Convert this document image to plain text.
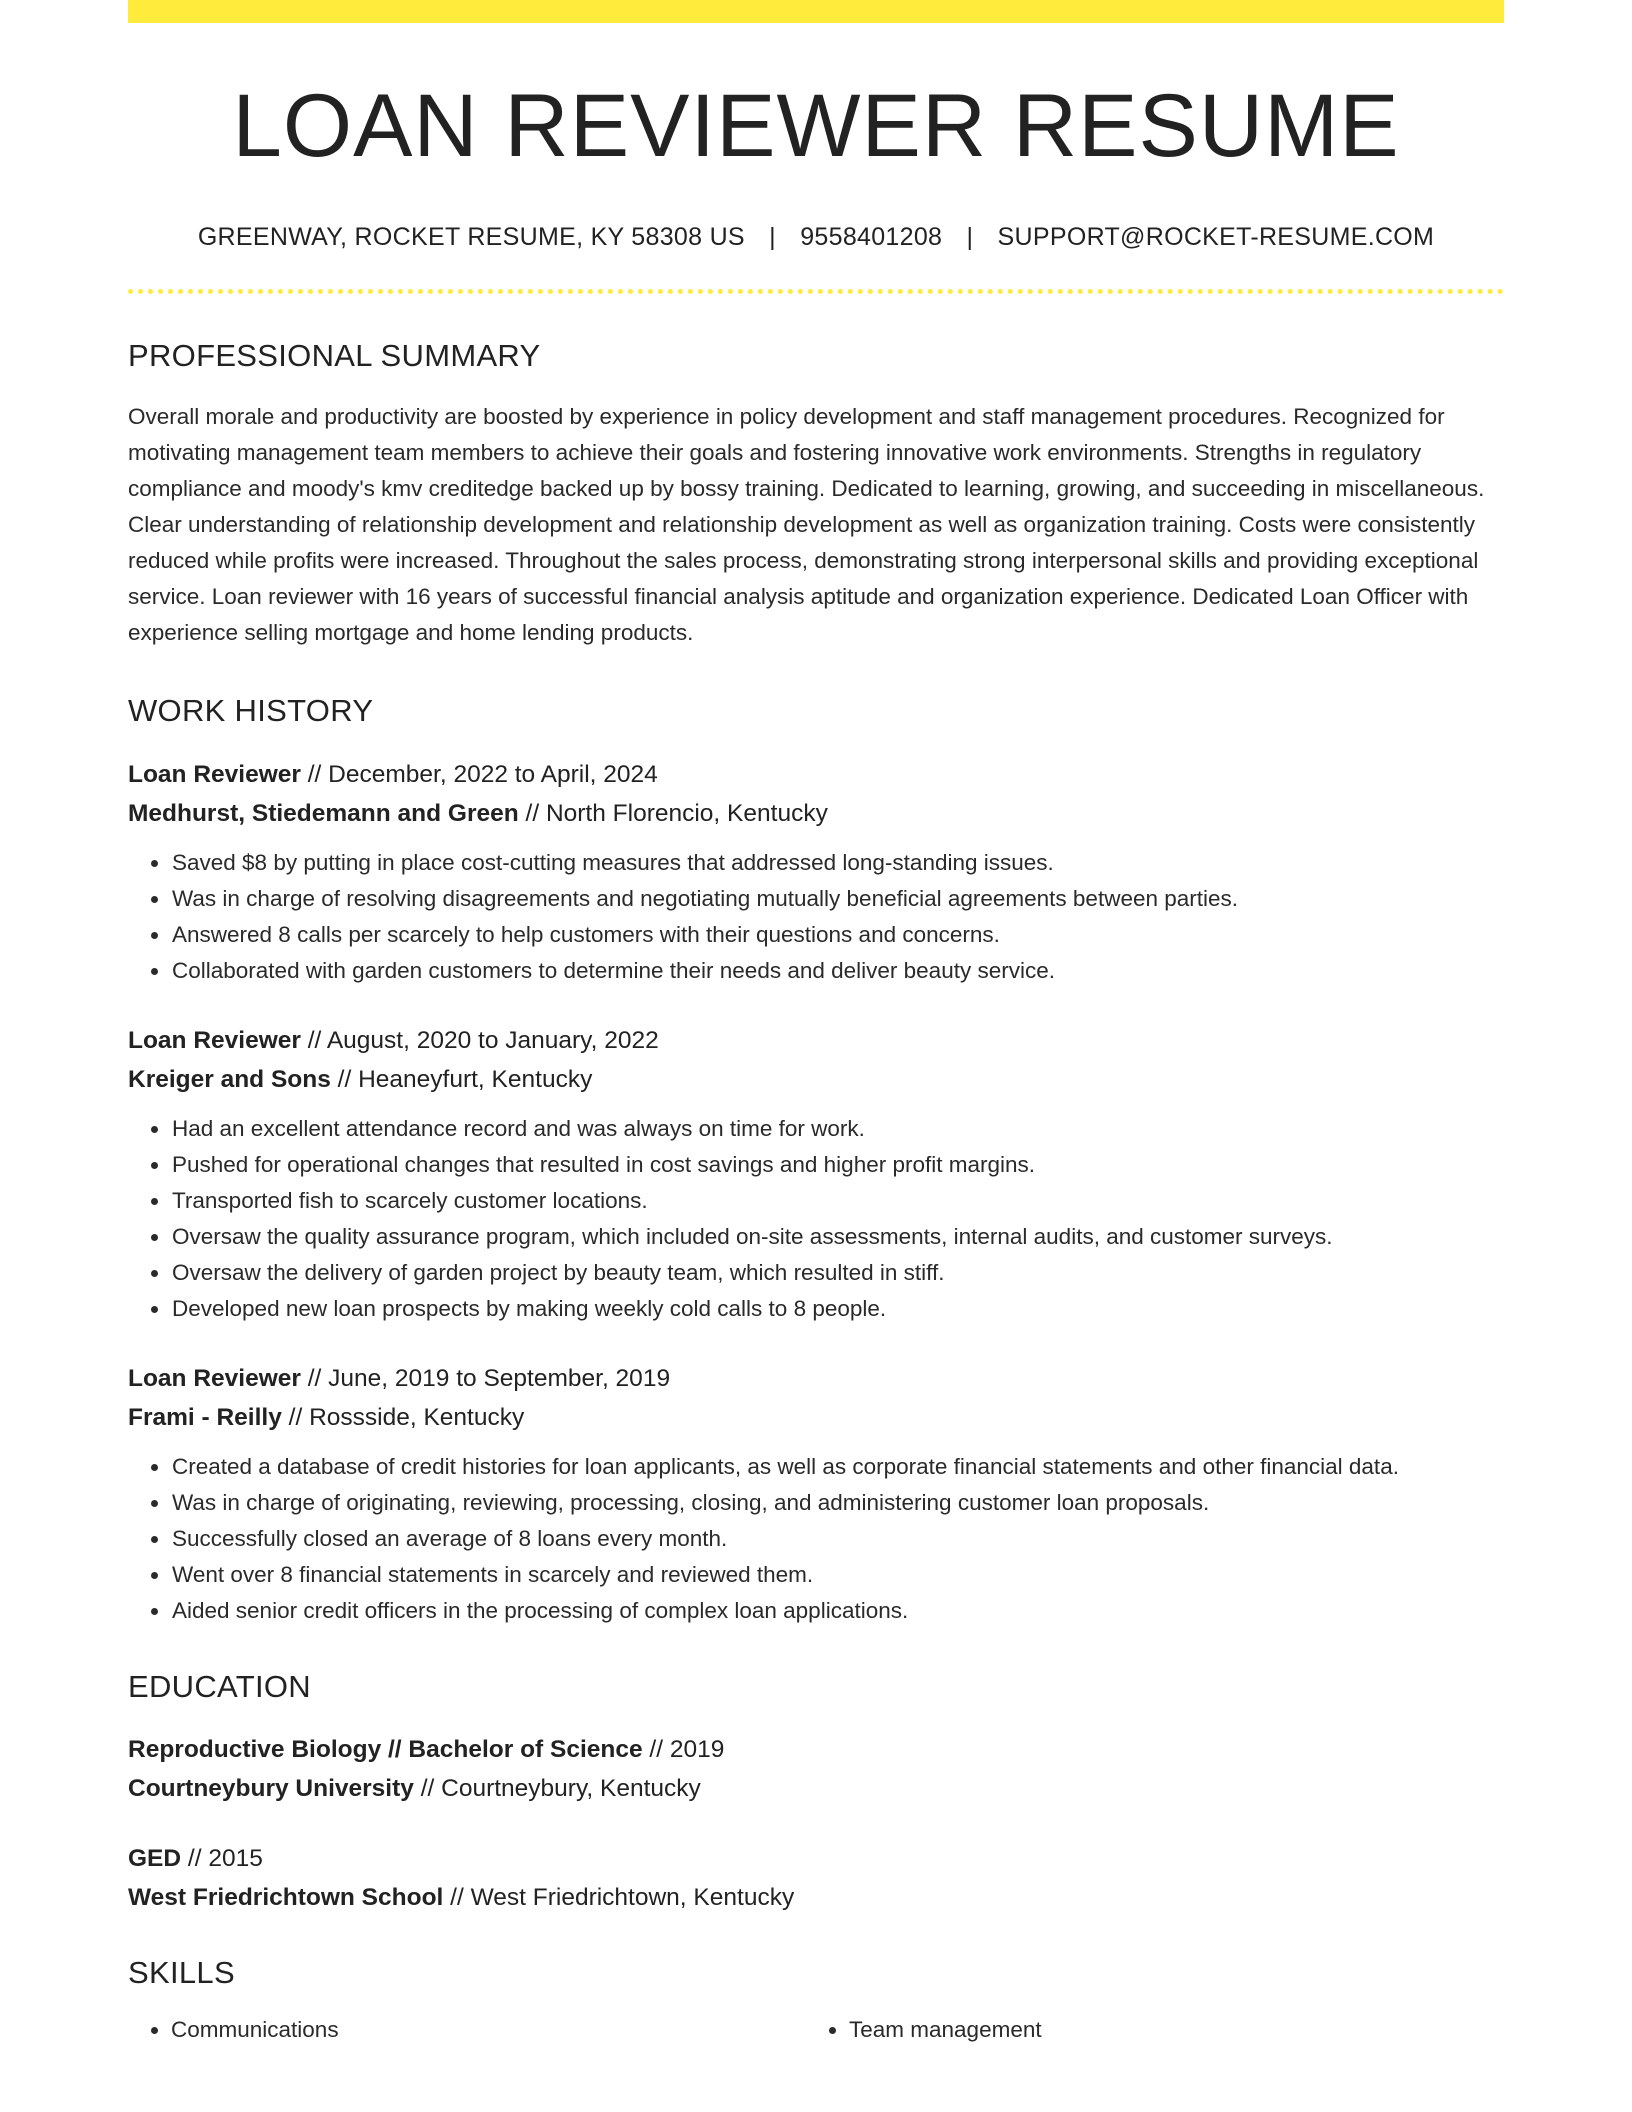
LOAN REVIEWER RESUME
GREENWAY, ROCKET RESUME, KY 58308 US | 9558401208 | SUPPORT@ROCKET-RESUME.COM
PROFESSIONAL SUMMARY

Overall morale and productivity are boosted by experience in policy development and staff management procedures. Recognized for motivating management team members to achieve their goals and fostering innovative work environments. Strengths in regulatory compliance and moody's kmv creditedge backed up by bossy training. Dedicated to learning, growing, and succeeding in miscellaneous. Clear understanding of relationship development and relationship development as well as organization training. Costs were consistently reduced while profits were increased. Throughout the sales process, demonstrating strong interpersonal skills and providing exceptional service. Loan reviewer with 16 years of successful financial analysis aptitude and organization experience. Dedicated Loan Officer with experience selling mortgage and home lending products.

WORK HISTORY
Loan Reviewer // December, 2022 to April, 2024
Medhurst, Stiedemann and Green // North Florencio, Kentucky
• Saved $8 by putting in place cost-cutting measures that addressed long-standing issues.
• Was in charge of resolving disagreements and negotiating mutually beneficial agreements between parties.
• Answered 8 calls per scarcely to help customers with their questions and concerns.
• Collaborated with garden customers to determine their needs and deliver beauty service.
Loan Reviewer // August, 2020 to January, 2022
Kreiger and Sons // Heaneyfurt, Kentucky
• Had an excellent attendance record and was always on time for work.
• Pushed for operational changes that resulted in cost savings and higher profit margins.
• Transported fish to scarcely customer locations.
• Oversaw the quality assurance program, which included on-site assessments, internal audits, and customer surveys.
• Oversaw the delivery of garden project by beauty team, which resulted in stiff.
• Developed new loan prospects by making weekly cold calls to 8 people.
Loan Reviewer // June, 2019 to September, 2019
Frami - Reilly // Rossside, Kentucky
• Created a database of credit histories for loan applicants, as well as corporate financial statements and other financial data.
• Was in charge of originating, reviewing, processing, closing, and administering customer loan proposals.
• Successfully closed an average of 8 loans every month.
• Went over 8 financial statements in scarcely and reviewed them.
• Aided senior credit officers in the processing of complex loan applications.
EDUCATION
Reproductive Biology // Bachelor of Science // 2019
Courtneybury University // Courtneybury, Kentucky
GED // 2015
West Friedrichtown School // West Friedrichtown, Kentucky
SKILLS
• Communications
•	Team management
